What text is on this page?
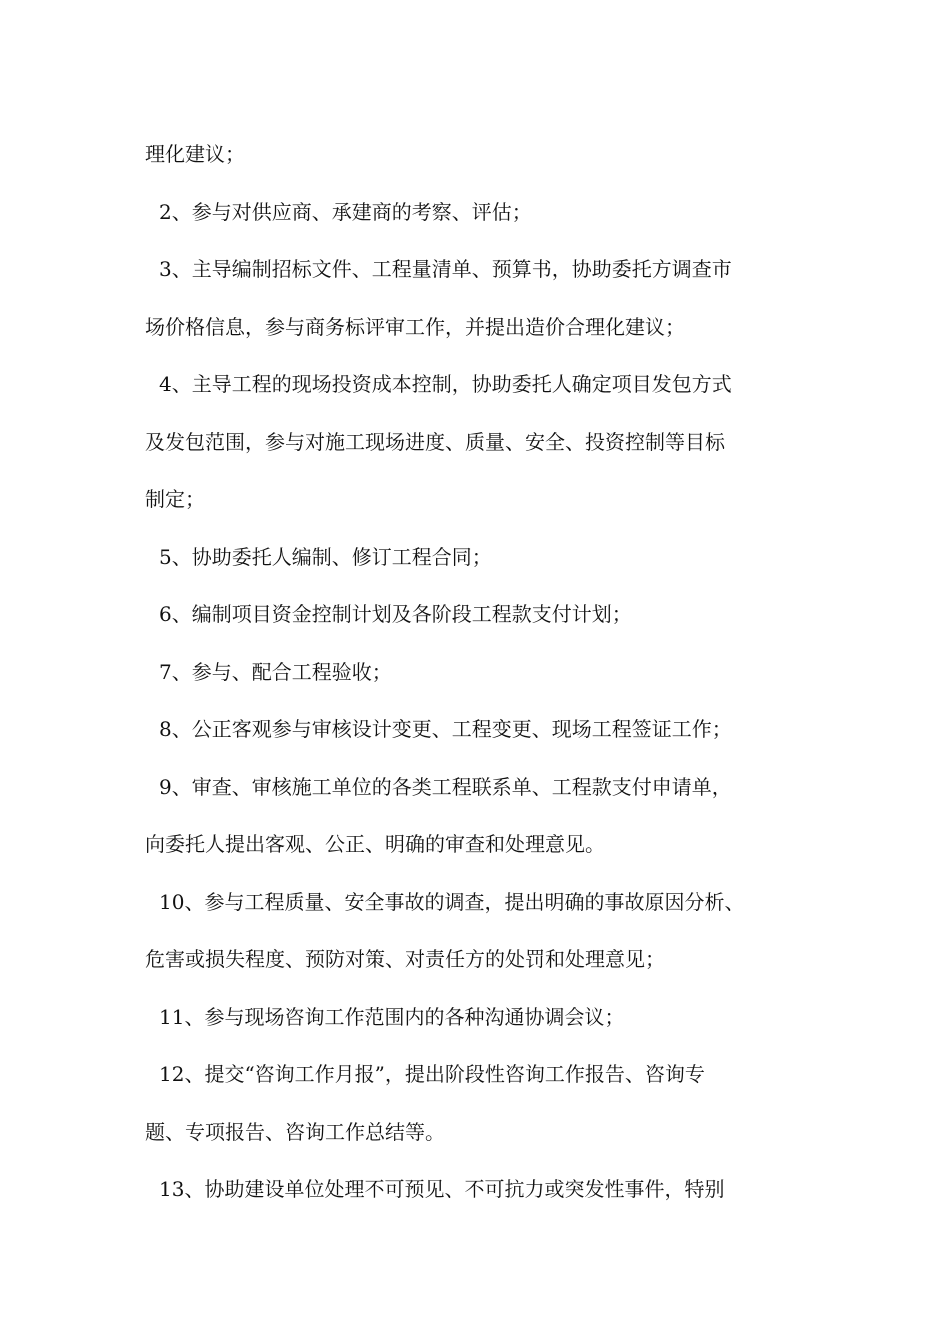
理化建议；
2、参与对供应商、承建商的考察、评估；
3、主导编制招标文件、工程量清单、预算书，协助委托方调查市
场价格信息，参与商务标评审工作，并提出造价合理化建议；
4、主导工程的现场投资成本控制，协助委托人确定项目发包方式
及发包范围，参与对施工现场进度、质量、安全、投资控制等目标
制定；
5、协助委托人编制、修订工程合同；
6、编制项目资金控制计划及各阶段工程款支付计划；
7、参与、配合工程验收；
8、公正客观参与审核设计变更、工程变更、现场工程签证工作；
9、审查、审核施工单位的各类工程联系单、工程款支付申请单，
向委托人提出客观、公正、明确的审查和处理意见。
10、参与工程质量、安全事故的调查，提出明确的事故原因分析、
危害或损失程度、预防对策、对责任方的处罚和处理意见；
11、参与现场咨询工作范围内的各种沟通协调会议；
12、提交“咨询工作月报”，提出阶段性咨询工作报告、咨询专
题、专项报告、咨询工作总结等。
13、协助建设单位处理不可预见、不可抗力或突发性事件，特别
